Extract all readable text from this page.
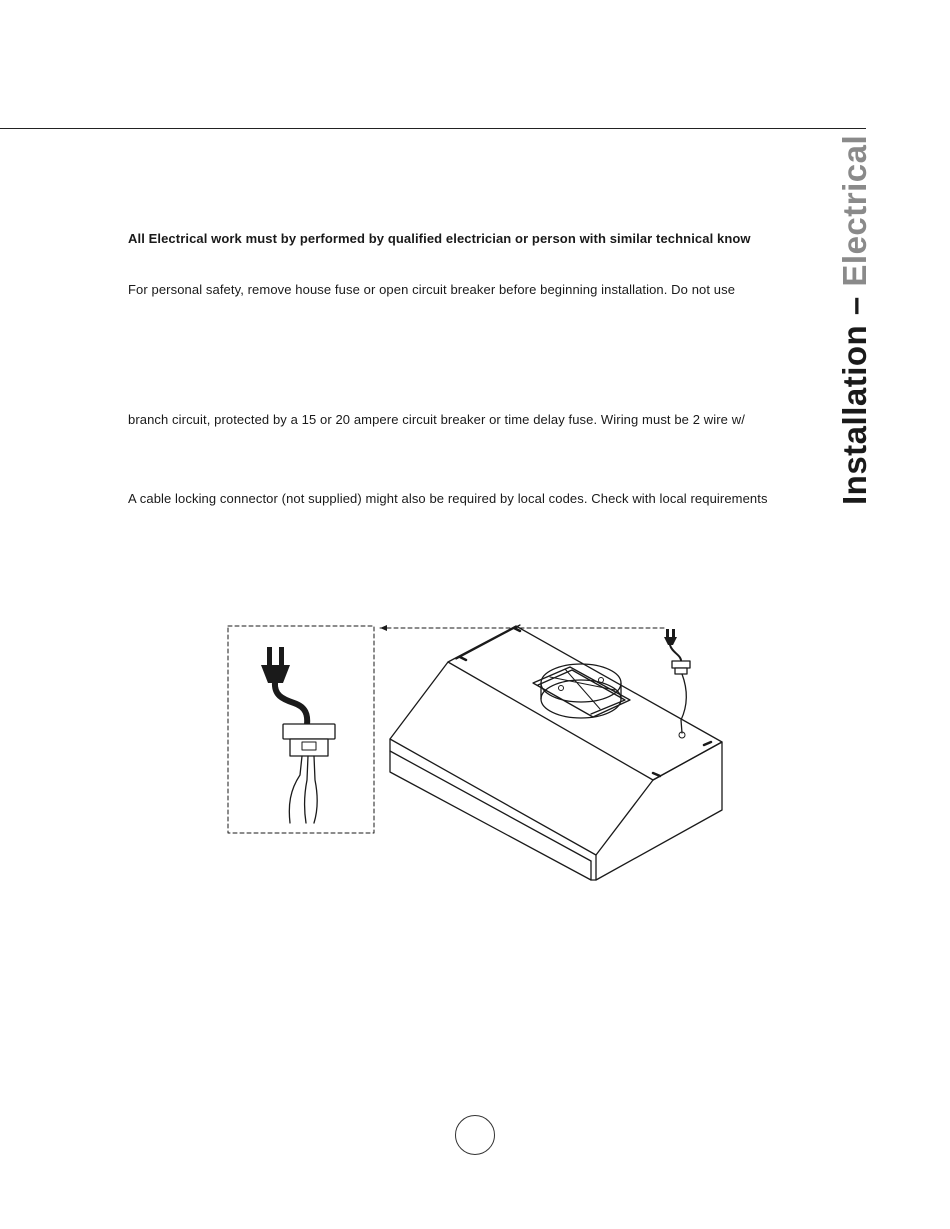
Installation – Electrical
All Electrical work must by performed by qualified electrician or person with similar technical know
For personal safety, remove house fuse or open circuit breaker before beginning installation. Do not use
branch circuit, protected by a 15 or 20 ampere circuit breaker or time delay fuse. Wiring must be 2 wire w/
A cable locking connector (not supplied) might also be required by local codes. Check with local requirements
